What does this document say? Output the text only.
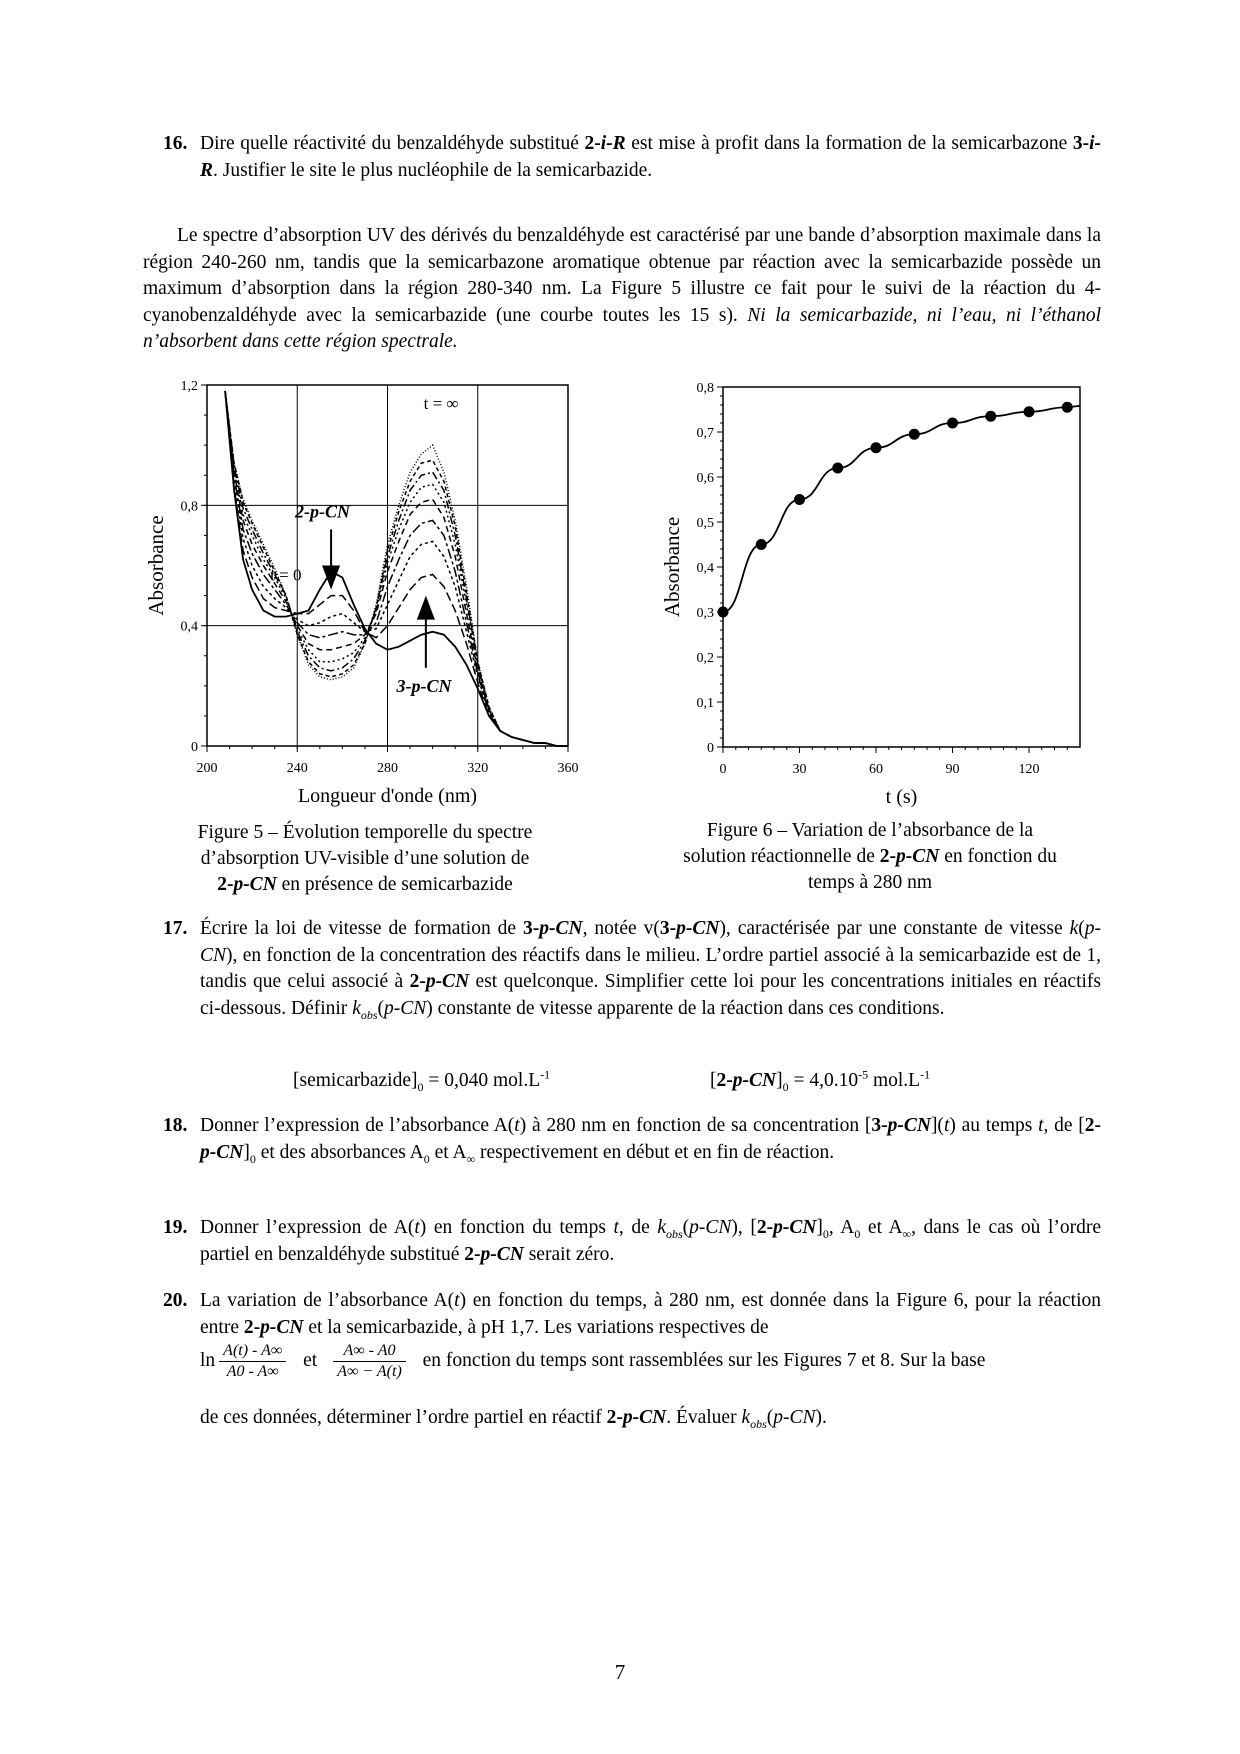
16. Dire quelle réactivité du benzaldéhyde substitué 2-i-R est mise à profit dans la formation de la semicarbazone 3-i-R. Justifier le site le plus nucléophile de la semicarbazide.
Le spectre d’absorption UV des dérivés du benzaldéhyde est caractérisé par une bande d’absorption maximale dans la région 240-260 nm, tandis que la semicarbazone aromatique obtenue par réaction avec la semicarbazide possède un maximum d’absorption dans la région 280-340 nm. La Figure 5 illustre ce fait pour le suivi de la réaction du 4-cyanobenzaldéhyde avec la semicarbazide (une courbe toutes les 15 s). Ni la semicarbazide, ni l’eau, ni l’éthanol n’absorbent dans cette région spectrale.
200	240	280	320	360
0
0,4
0,8
1,2
Longueur d'onde (nm)
Absorbance
t = ∞
2-p-CN
t = 0
3-p-CN
0	30	60	90	120
0
0,1
0,2
0,3
0,4
0,5
0,6
0,7
0,8
t (s)
Absorbance
Figure 5 – Évolution temporelle du spectre
d’absorption UV-visible d’une solution de
2-p-CN en présence de semicarbazide
Figure 6 – Variation de l’absorbance de la
solution réactionnelle de 2-p-CN en fonction du
temps à 280 nm
17. Écrire la loi de vitesse de formation de 3-p-CN, notée v(3-p-CN), caractérisée par une constante de vitesse k(p-CN), en fonction de la concentration des réactifs dans le milieu. L’ordre partiel associé à la semicarbazide est de 1, tandis que celui associé à 2-p-CN est quelconque. Simplifier cette loi pour les concentrations initiales en réactifs ci-dessous. Définir $k_{obs}(p-CN)$ constante de vitesse apparente de la réaction dans ces conditions.
$[semicarbazide]_0 = 0,040$ $mol.L^{-1}$	$[2-p-CN]_0 = 4,0.10^{-5}$ $mol.L^{-1}$
18. Donner l’expression de l’absorbance A(t) à 280 nm en fonction de sa concentration [3-p-CN](t) au temps t, de $[2-p-CN]_0$ et des absorbances $A_0$ et $A_\infty$ respectivement en début et en fin de réaction.
19. Donner l’expression de A(t) en fonction du temps t, de $k_{obs}(p-CN)$, $[2-p-CN]_0$, $A_0$ et $A_\infty$, dans le cas où l’ordre partiel en benzaldéhyde substitué 2-p-CN serait zéro.
20. La variation de l’absorbance A(t) en fonction du temps, à 280 nm, est donnée dans la Figure 6, pour la réaction entre 2-p-CN et la semicarbazide, à pH 1,7. Les variations respectives de
$\ln \frac{A(t) - A\infty}{A0 - A\infty}$ et $\frac{A\infty - A0}{A\infty - A(t)}$ en fonction du temps sont rassemblées sur les Figures 7 et 8. Sur la base
de ces données, déterminer l’ordre partiel en réactif 2-p-CN. Évaluer $k_{obs}(p-CN)$.
7
